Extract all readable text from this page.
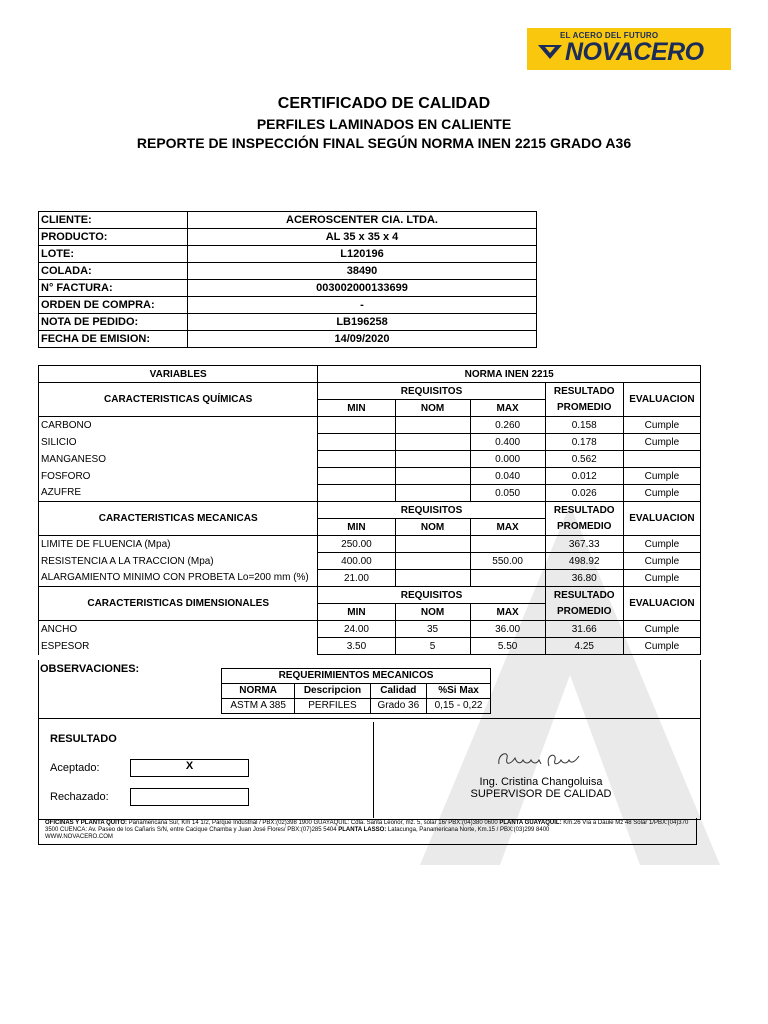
EL ACERO DEL FUTURO
NOVACERO
CERTIFICADO DE CALIDAD
PERFILES LAMINADOS EN CALIENTE
REPORTE DE INSPECCIÓN FINAL SEGÚN NORMA INEN 2215 GRADO A36
CLIENTE:	ACEROSCENTER CIA. LTDA.
PRODUCTO:	AL 35 x 35 x 4
LOTE:	L120196
COLADA:	38490
N° FACTURA:	003002000133699
ORDEN DE COMPRA:	-
NOTA DE PEDIDO:	LB196258
FECHA DE EMISION:	14/09/2020
VARIABLES	NORMA INEN 2215				
CARACTERISTICAS QUÍMICAS	REQUISITOS			RESULTADO	EVALUACION
	MIN	NOM	MAX	PROMEDIO	
CARBONO			0.260	0.158	Cumple
SILICIO			0.400	0.178	Cumple
MANGANESO			0.000	0.562	
FOSFORO			0.040	0.012	Cumple
AZUFRE			0.050	0.026	Cumple
CARACTERISTICAS MECANICAS	REQUISITOS			RESULTADO	EVALUACION
	MIN	NOM	MAX	PROMEDIO	
LIMITE DE FLUENCIA (Mpa)	250.00			367.33	Cumple
RESISTENCIA A LA TRACCION (Mpa)	400.00		550.00	498.92	Cumple
ALARGAMIENTO MINIMO CON PROBETA Lo=200 mm (%)	21.00			36.80	Cumple
CARACTERISTICAS DIMENSIONALES	REQUISITOS			RESULTADO	EVALUACION
	MIN	NOM	MAX	PROMEDIO	
ANCHO	24.00	35	36.00	31.66	Cumple
ESPESOR	3.50	5	5.50	4.25	Cumple
OBSERVACIONES:
REQUERIMIENTOS MECANICOS			
NORMA	Descripcion	Calidad	%Si Max
ASTM A 385	PERFILES	Grado 36	0,15 - 0,22
RESULTADO
Aceptado:	X
Rechazado:
Ing. Cristina Changoluisa
SUPERVISOR DE CALIDAD
OFICINAS Y PLANTA QUITO: Panamericana Sur, Km 14 1/2, Parque Industrial / PBX:(02)398 1900 GUAYAQUIL: Cdla. Santa Leonor, mz. 5, solar 16/ PBX:(04)380 0600 PLANTA GUAYAQUIL: Km.26 Vía a Daule Mz 48 Solar 1/PBX:(04)370 3500 CUENCA: Av. Paseo de los Cañaris S/N, entre Cacique Chamba y Juan José Flores/ PBX:(07)285 5404 PLANTA LASSO: Latacunga, Panamericana Norte, Km.15 / PBX:(03)299 8400
WWW.NOVACERO.COM
